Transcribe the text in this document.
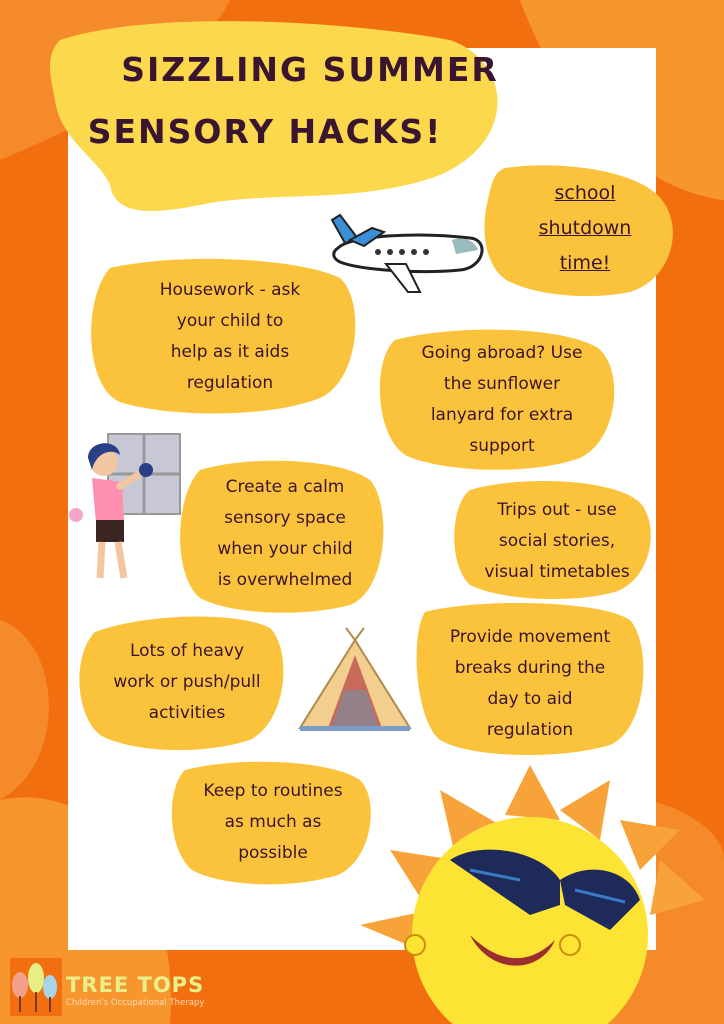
SIZZLING SUMMER
SENSORY HACKS!
school
shutdown
time!
Housework - ask
your child to
help as it aids
regulation
Going abroad? Use
the sunflower
lanyard for extra
support
Create a calm
sensory space
when your child
is overwhelmed
Trips out - use
social stories,
visual timetables
Lots of heavy
work or push/pull
activities
Provide movement
breaks during the
day to aid
regulation
Keep to routines
as much as
possible
TREE TOPS
Children's Occupational Therapy
